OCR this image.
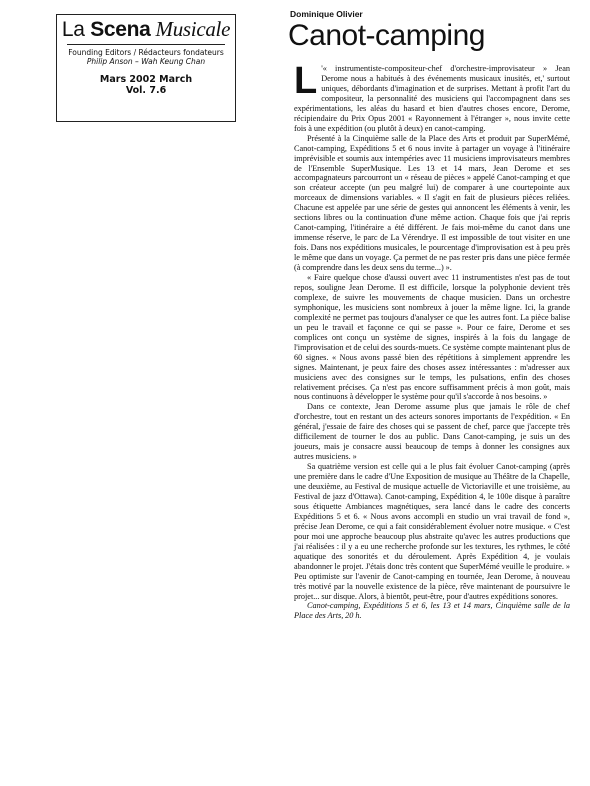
La Scena Musicale
Founding Editors / Rédacteurs fondateurs
Philip Anson – Wah Keung Chan
Mars 2002 March
Vol. 7.6
Dominique Olivier
Canot-camping

L '« instrumentiste-compositeur-chef d'orchestre-improvisateur » Jean Derome nous a habitués à des événements musicaux inusités, et,' surtout uniques, débordants d'imagination et de surprises. Mettant à profit l'art du compositeur, la personnalité des musiciens qui l'accompagnent dans ses expérimentations, les aléas du hasard et bien d'autres choses encore, Derome, récipiendaire du Prix Opus 2001 « Rayonnement à l'étranger », nous invite cette fois à une expédition (ou plutôt à deux) en canot-camping.

Présenté à la Cinquième salle de la Place des Arts et produit par SuperMémé, Canot-camping, Expéditions 5 et 6 nous invite à partager un voyage à l'itinéraire imprévisible et soumis aux intempéries avec 11 musiciens improvisateurs membres de l'Ensemble SuperMusique. Les 13 et 14 mars, Jean Derome et ses accompagnateurs parcourront un « réseau de pièces » appelé Canot-camping et que son créateur accepte (un peu malgré lui) de comparer à une courtepointe aux morceaux de dimensions variables. « Il s'agit en fait de plusieurs pièces reliées. Chacune est appelée par une série de gestes qui annoncent les éléments à venir, les sections libres ou la continuation d'une même action. Chaque fois que j'ai repris Canot-camping, l'itinéraire a été différent. Je fais moi-même du canot dans une immense réserve, le parc de La Vérendrye. Il est impossible de tout visiter en une fois. Dans nos expéditions musicales, le pourcentage d'improvisation est à peu près le même que dans un voyage. Ça permet de ne pas rester pris dans une pièce fermée (à comprendre dans les deux sens du terme...) ».

« Faire quelque chose d'aussi ouvert avec 11 instrumentistes n'est pas de tout repos, souligne Jean Derome. Il est difficile, lorsque la polyphonie devient très complexe, de suivre les mouvements de chaque musicien. Dans un orchestre symphonique, les musiciens sont nombreux à jouer la même ligne. Ici, la grande complexité ne permet pas toujours d'analyser ce que les autres font. La pièce balise un peu le travail et façonne ce qui se passe ». Pour ce faire, Derome et ses complices ont conçu un système de signes, inspirés à la fois du langage de l'improvisation et de celui des sourds-muets. Ce système compte maintenant plus de 60 signes. « Nous avons passé bien des répétitions à simplement apprendre les signes. Maintenant, je peux faire des choses assez intéressantes : m'adresser aux musiciens avec des consignes sur le temps, les pulsations, enfin des choses relativement précises. Ça n'est pas encore suffisamment précis à mon goût, mais nous continuons à développer le système pour qu'il s'accorde à nos besoins. »

Dans ce contexte, Jean Derome assume plus que jamais le rôle de chef d'orchestre, tout en restant un des acteurs sonores importants de l'expédition. « En général, j'essaie de faire des choses qui se passent de chef, parce que j'accepte très difficilement de tourner le dos au public. Dans Canot-camping, je suis un des joueurs, mais je consacre aussi beaucoup de temps à donner les consignes aux autres musiciens. »

Sa quatrième version est celle qui a le plus fait évoluer Canot-camping (après une première dans le cadre d'Une Exposition de musique au Théâtre de la Chapelle, une deuxième, au Festival de musique actuelle de Victoriaville et une troisième, au Festival de jazz d'Ottawa). Canot-camping, Expédition 4, le 100e disque à paraître sous étiquette Ambiances magnétiques, sera lancé dans le cadre des concerts Expéditions 5 et 6. « Nous avons accompli en studio un vrai travail de fond », précise Jean Derome, ce qui a fait considérablement évoluer notre musique. « C'est pour moi une approche beaucoup plus abstraite qu'avec les autres productions que j'ai réalisées : il y a eu une recherche profonde sur les textures, les rythmes, le côté aquatique des sonorités et du déroulement. Après Expédition 4, je voulais abandonner le projet. J'étais donc très content que SuperMémé veuille le produire. » Peu optimiste sur l'avenir de Canot-camping en tournée, Jean Derome, à nouveau très motivé par la nouvelle existence de la pièce, rêve maintenant de poursuivre le projet... sur disque. Alors, à bientôt, peut-être, pour d'autres expéditions sonores.

Canot-camping, Expéditions 5 et 6, les 13 et 14 mars, Cinquième salle de la Place des Arts, 20 h.
